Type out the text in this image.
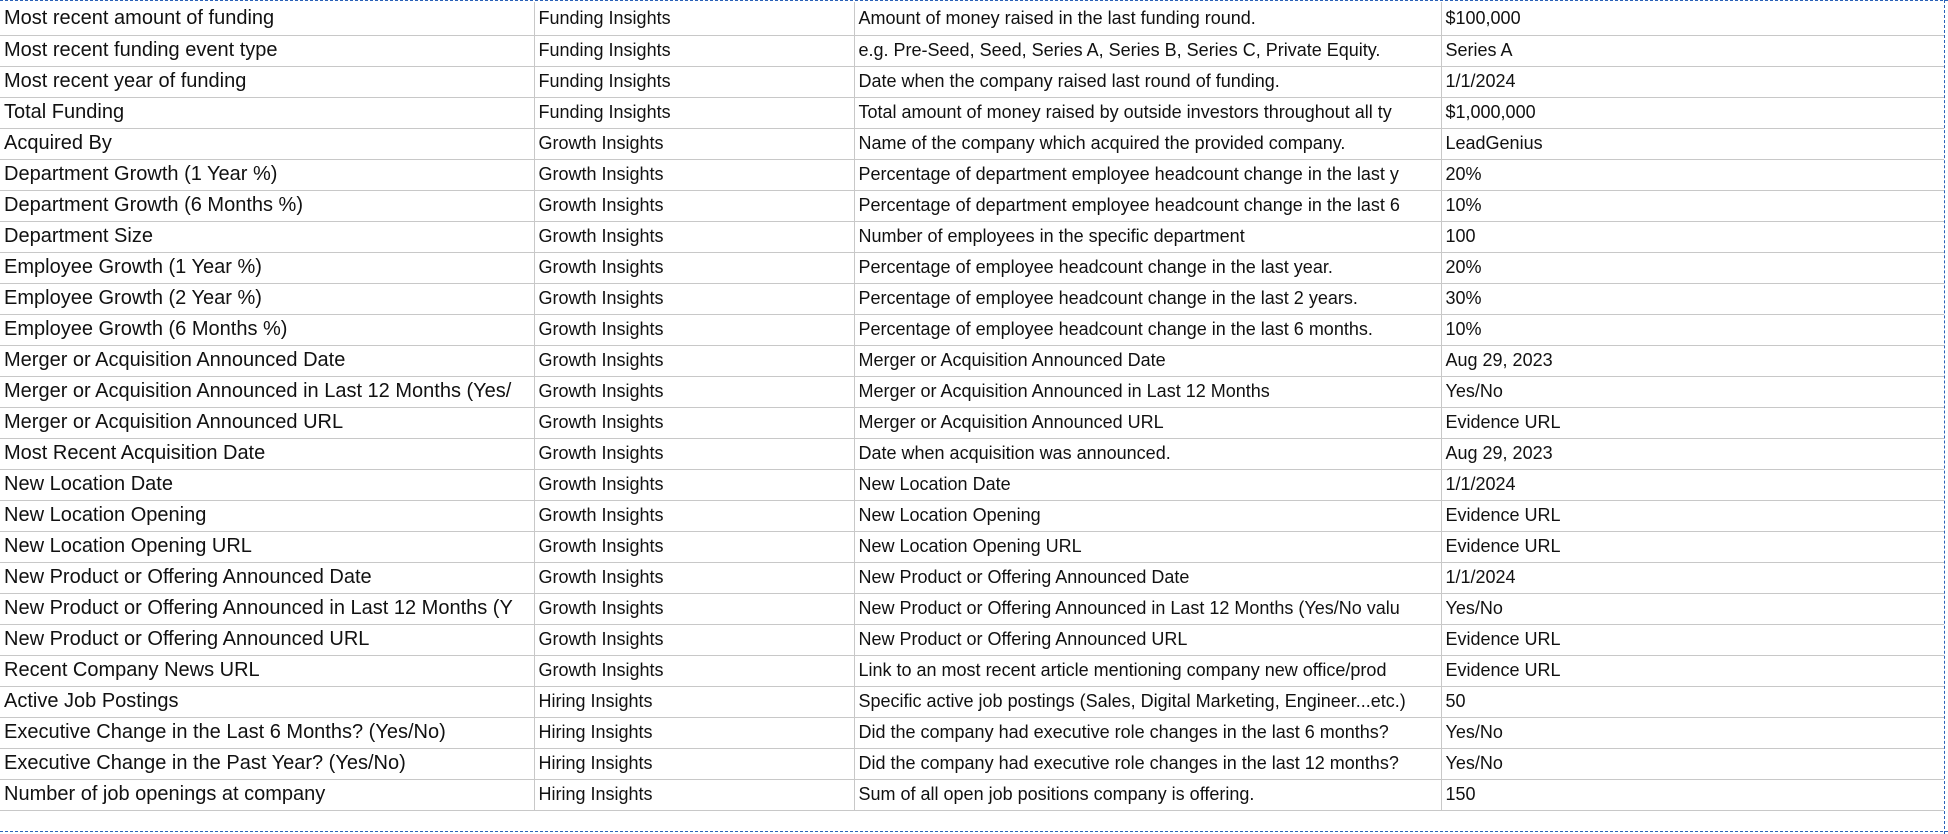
Most recent amount of funding	Funding Insights	Amount of money raised in the last funding round.	$100,000
Most recent funding event type	Funding Insights	e.g. Pre-Seed, Seed, Series A, Series B, Series C, Private Equity.	Series A
Most recent year of funding	Funding Insights	Date when the company raised last round of funding.	1/1/2024
Total Funding	Funding Insights	Total amount of money raised by outside investors throughout all ty	$1,000,000
Acquired By	Growth Insights	Name of the company which acquired the provided company.	LeadGenius
Department Growth (1 Year %)	Growth Insights	Percentage of department employee headcount change in the last y	20%
Department Growth (6 Months %)	Growth Insights	Percentage of department employee headcount change in the last 6	10%
Department Size	Growth Insights	Number of employees in the specific department	100
Employee Growth (1 Year %)	Growth Insights	Percentage of employee headcount change in the last year.	20%
Employee Growth (2 Year %)	Growth Insights	Percentage of employee headcount change in the last 2 years.	30%
Employee Growth (6 Months %)	Growth Insights	Percentage of employee headcount change in the last 6 months.	10%
Merger or Acquisition Announced Date	Growth Insights	Merger or Acquisition Announced Date	Aug 29, 2023
Merger or Acquisition Announced in Last 12 Months (Yes/	Growth Insights	Merger or Acquisition Announced in Last 12 Months	Yes/No
Merger or Acquisition Announced URL	Growth Insights	Merger or Acquisition Announced URL	Evidence URL
Most Recent Acquisition Date	Growth Insights	Date when acquisition was announced.	Aug 29, 2023
New Location Date	Growth Insights	New Location Date	1/1/2024
New Location Opening	Growth Insights	New Location Opening	Evidence URL
New Location Opening URL	Growth Insights	New Location Opening URL	Evidence URL
New Product or Offering Announced Date	Growth Insights	New Product or Offering Announced Date	1/1/2024
New Product or Offering Announced in Last 12 Months (Y	Growth Insights	New Product or Offering Announced in Last 12 Months (Yes/No valu	Yes/No
New Product or Offering Announced URL	Growth Insights	New Product or Offering Announced URL	Evidence URL
Recent Company News URL	Growth Insights	Link to an most recent article mentioning company new office/prod	Evidence URL
Active Job Postings	Hiring Insights	Specific active job postings (Sales, Digital Marketing, Engineer...etc.)	50
Executive Change in the Last 6 Months? (Yes/No)	Hiring Insights	Did the company had executive role changes in the last 6 months?	Yes/No
Executive Change in the Past Year? (Yes/No)	Hiring Insights	Did the company had executive role changes in the last 12 months?	Yes/No
Number of job openings at company	Hiring Insights	Sum of all open job positions company is offering.	150
